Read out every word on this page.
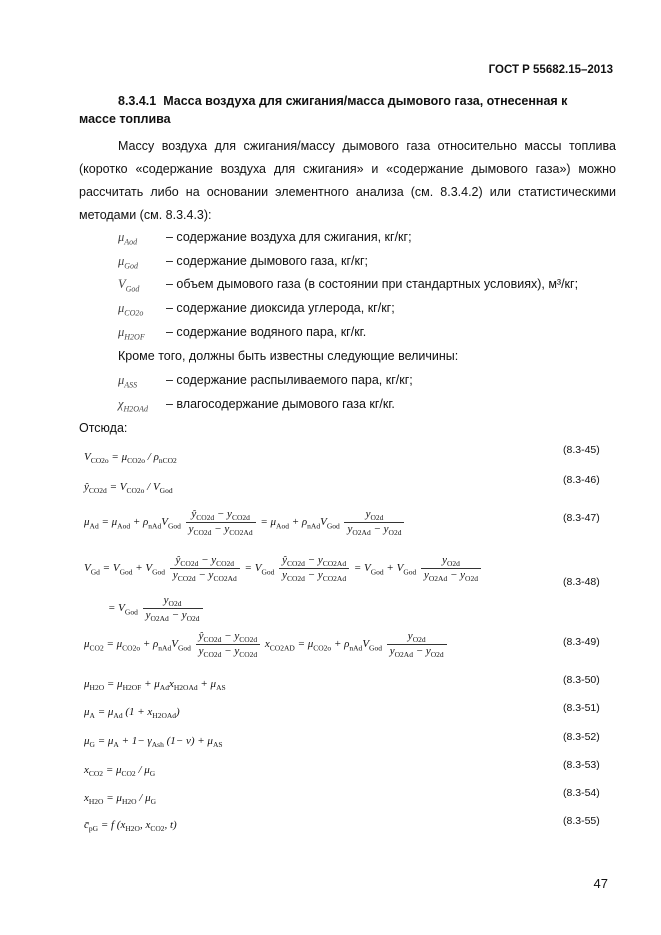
ГОСТ Р 55682.15–2013
8.3.4.1 Масса воздуха для сжигания/масса дымового газа, отнесенная к
массе топлива
Массу воздуха для сжигания/массу дымового газа относительно массы топлива (коротко «содержание воздуха для сжигания» и «содержание дымового газа») можно рассчитать либо на основании элементного анализа (см. 8.3.4.2) или статистическими методами (см. 8.3.4.3):
$\mu_{Aod}$ – содержание воздуха для сжигания, кг/кг;
$\mu_{God}$ – содержание дымового газа, кг/кг;
$V_{God}$ – объем дымового газа (в состоянии при стандартных условиях), м³/кг;
$\mu_{CO2o}$ – содержание диоксида углерода, кг/кг;
$\mu_{H2OF}$ – содержание водяного пара, кг/кг.
Кроме того, должны быть известны следующие величины:
$\mu_{ASS}$ – содержание распыливаемого пара, кг/кг;
$\chi_{H2OAd}$ – влагосодержание дымового газа кг/кг.
Отсюда:
$V_{CO2o} = \mu_{CO2o} / \rho_{nCO2}$
(8.3-45)
$ŷ_{CO2d} = V_{CO2o} / V_{God}$
(8.3-46)
$\mu_{Ad} = \mu_{Aod} + \rho_{nAd}V_{God} \frac{ŷ_{CO2d} - y_{CO2d}}{y_{CO2d} - y_{CO2Ad}} = \mu_{Aod} + \rho_{nAd}V_{God} \frac{y_{O2d}}{y_{O2Ad} - y_{O2d}}$	(8.3-47)
$V_{Gd} = V_{God} + V_{God} \frac{ŷ_{CO2d} - y_{CO2d}}{y_{CO2d} - y_{CO2Ad}} = V_{God} \frac{ŷ_{CO2d} - y_{CO2Ad}}{y_{CO2d} - y_{CO2Ad}} = V_{God} + V_{God} \frac{y_{O2d}}{y_{O2Ad} - y_{O2d}}$
= $V_{God} \frac{y_{O2d}}{y_{O2Ad} - y_{O2d}}$
(8.3-48)
$\mu_{CO2} = \mu_{CO2o} + \rho_{nAd}V_{God} \frac{ŷ_{CO2d} - y_{CO2d}}{y_{CO2d} - y_{CO2d}} x_{CO2AD} = \mu_{CO2o} + \rho_{nAd}V_{God} \frac{y_{O2d}}{y_{O2Ad} - y_{O2d}}$	(8.3-49)
$\mu_{H2O} = \mu_{H2OF} + \mu_{Ad}x_{H2OAd} + \mu_{AS}$
(8.3-50)
$\mu_A = \mu_{Ad}$ $(1 + x_{H2OAd})$	(8.3-51)
$\mu_G = \mu_A + 1- \gamma_{Ash}$ $(1- \nu) + \mu_{AS}$
(8.3-52)
$x_{CO2} = \mu_{CO2} / \mu_G$
(8.3-53)
$x_{H2O} = \mu_{H2O} / \mu_G$
(8.3-54)
$c̄_{pG} = f$ ($x_{H2O}$, $x_{CO2}$, t)	(8.3-55)
47
